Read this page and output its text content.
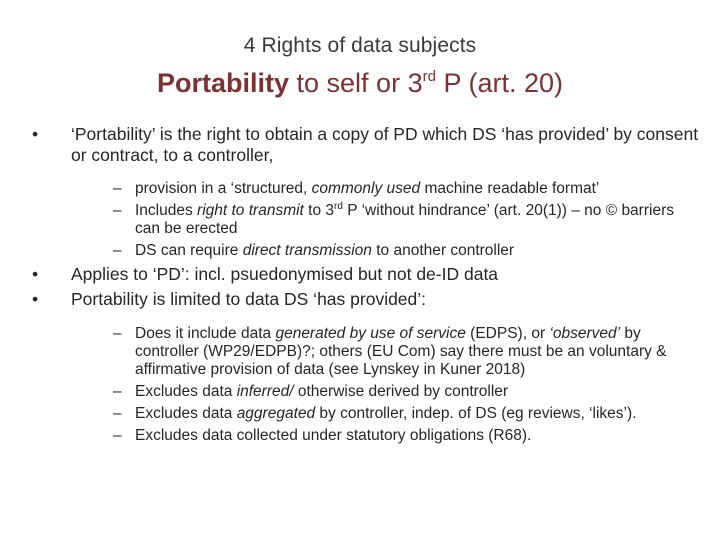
4 Rights of data subjects
Portability to self or 3rd P (art. 20)

• ‘Portability’ is the right to obtain a copy of PD which DS ‘has provided’ by consent or contract, to a controller,

– provision in a ‘structured, commonly used machine readable format’

– Includes right to transmit to 3rd P ‘without hindrance’ (art. 20(1)) – no © barriers can be erected

– DS can require direct transmission to another controller

• Applies to ‘PD’: incl. psuedonymised but not de-ID data

• Portability is limited to data DS ‘has provided’:

– Does it include data generated by use of service (EDPS), or ‘observed’ by controller (WP29/EDPB)?; others (EU Com) say there must be an voluntary & affirmative provision of data (see Lynskey in Kuner 2018)

– Excludes data inferred/ otherwise derived by controller

– Excludes data aggregated by controller, indep. of DS (eg reviews, ‘likes’).

– Excludes data collected under statutory obligations (R68).
